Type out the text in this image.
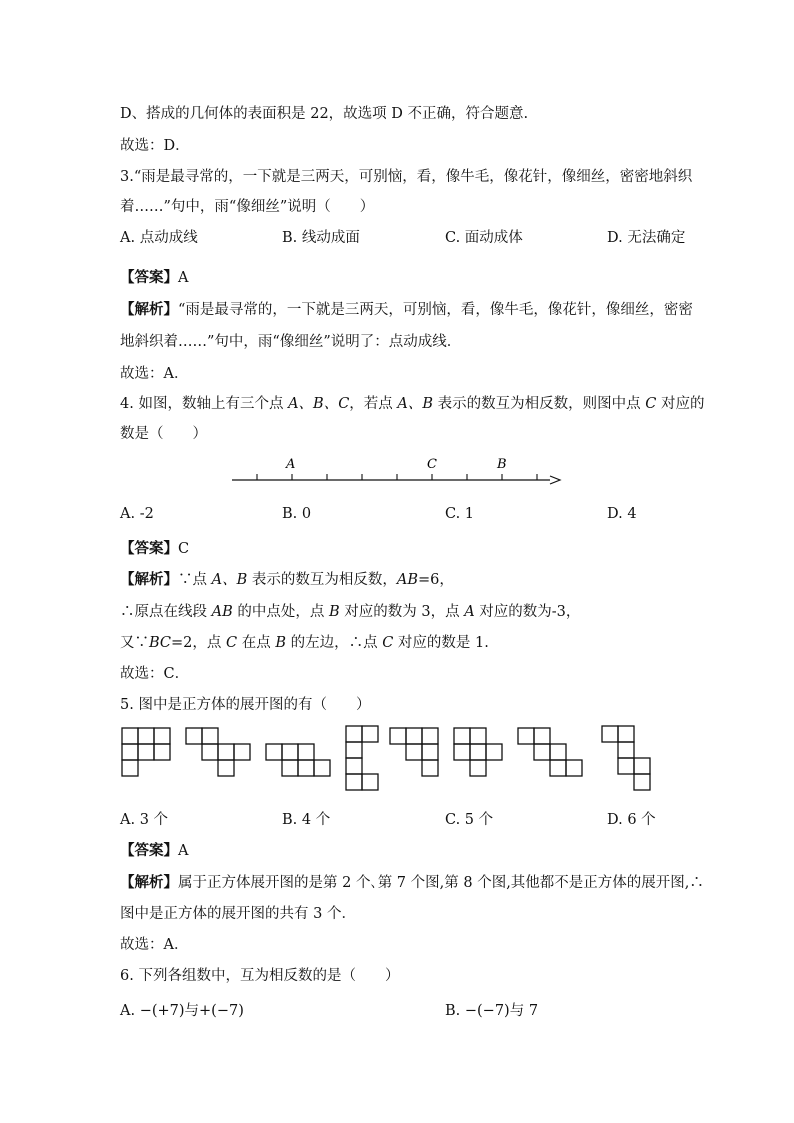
D、搭成的几何体的表面积是 22，故选项 D 不正确，符合题意.
故选：D．
3.“雨是最寻常的，一下就是三两天，可别恼，看，像牛毛，像花针，像细丝，密密地斜织
着……”句中，雨“像细丝”说明（　　）
A. 点动成线	B. 线动成面	C. 面动成体	D. 无法确定
【答案】A
【解析】“雨是最寻常的，一下就是三两天，可别恼，看，像牛毛，像花针，像细丝，密密
地斜织着……”句中，雨“像细丝”说明了：点动成线．
故选：A．
4. 如图，数轴上有三个点 A、B、C，若点 A、B 表示的数互为相反数，则图中点 C 对应的
数是（　　）
A	C	B
A. -2	B. 0	C. 1	D. 4
【答案】C
【解析】∵点 A、B 表示的数互为相反数，AB=6，
∴原点在线段 AB 的中点处，点 B 对应的数为 3，点 A 对应的数为-3，
又∵BC=2，点 C 在点 B 的左边，∴点 C 对应的数是 1.
故选：C．
5. 图中是正方体的展开图的有（　　）
A. 3 个	B. 4 个	C. 5 个	D. 6 个
【答案】A
【解析】属于正方体展开图的是第 2 个､第 7 个图,第 8 个图,其他都不是正方体的展开图,∴
图中是正方体的展开图的共有 3 个．
故选：A．
6. 下列各组数中，互为相反数的是（　　）
A. −(+7)与+(−7)	B. −(−7)与 7
